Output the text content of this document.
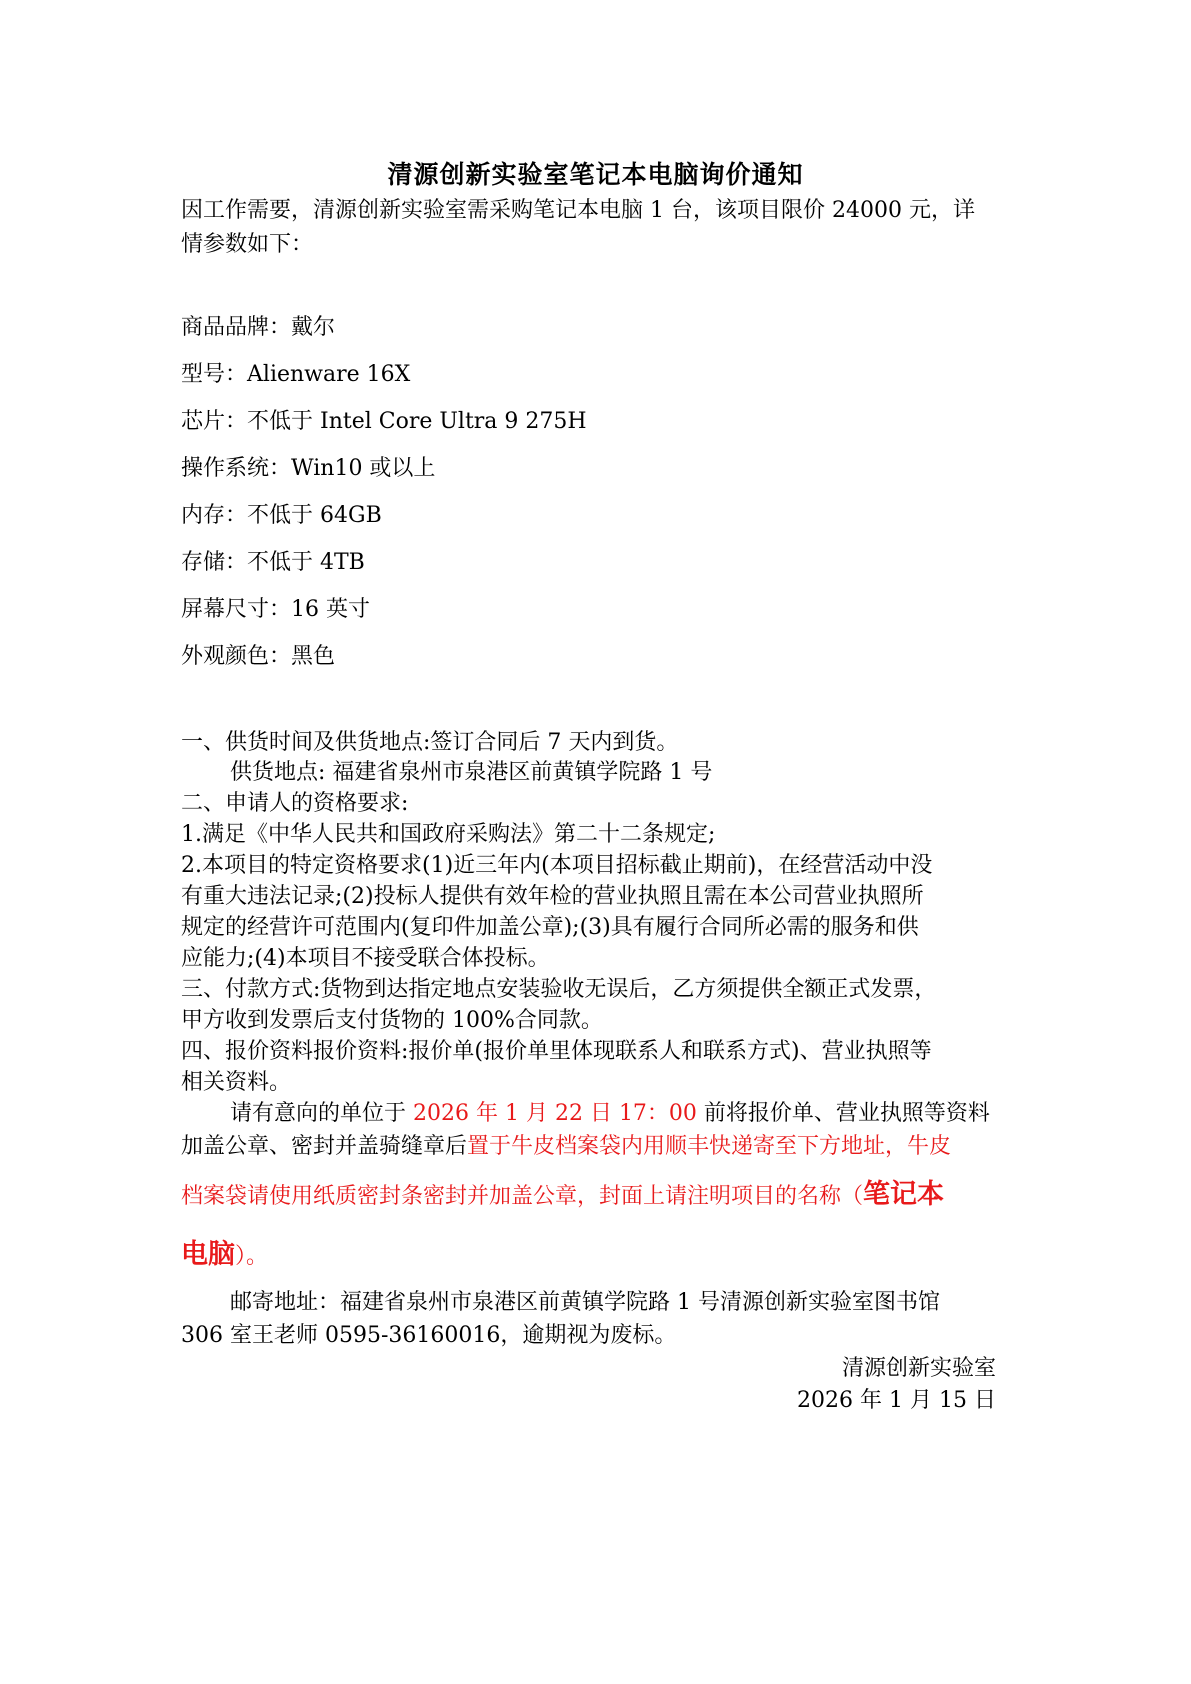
清源创新实验室笔记本电脑询价通知
因工作需要，清源创新实验室需采购笔记本电脑 1 台，该项目限价 24000 元，详
情参数如下：
商品品牌：戴尔
型号：Alienware 16X
芯片：不低于 Intel Core Ultra 9 275H
操作系统：Win10 或以上
内存：不低于 64GB
存储：不低于 4TB
屏幕尺寸：16 英寸
外观颜色：黑色
一、供货时间及供货地点:签订合同后 7 天内到货。
供货地点: 福建省泉州市泉港区前黄镇学院路 1 号
二、申请人的资格要求:
1.满足《中华人民共和国政府采购法》第二十二条规定;
2.本项目的特定资格要求(1)近三年内(本项目招标截止期前)，在经营活动中没
有重大违法记录;(2)投标人提供有效年检的营业执照且需在本公司营业执照所
规定的经营许可范围内(复印件加盖公章);(3)具有履行合同所必需的服务和供
应能力;(4)本项目不接受联合体投标。
三、付款方式:货物到达指定地点安装验收无误后，乙方须提供全额正式发票，
甲方收到发票后支付货物的 100%合同款。
四、报价资料报价资料:报价单(报价单里体现联系人和联系方式)、营业执照等
相关资料。
请有意向的单位于 2026 年 1 月 22 日 17：00 前将报价单、营业执照等资料
加盖公章、密封并盖骑缝章后置于牛皮档案袋内用顺丰快递寄至下方地址，牛皮
档案袋请使用纸质密封条密封并加盖公章，封面上请注明项目的名称（笔记本
电脑）。
邮寄地址：福建省泉州市泉港区前黄镇学院路 1 号清源创新实验室图书馆
306 室王老师 0595-36160016，逾期视为废标。
清源创新实验室
2026 年 1 月 15 日
